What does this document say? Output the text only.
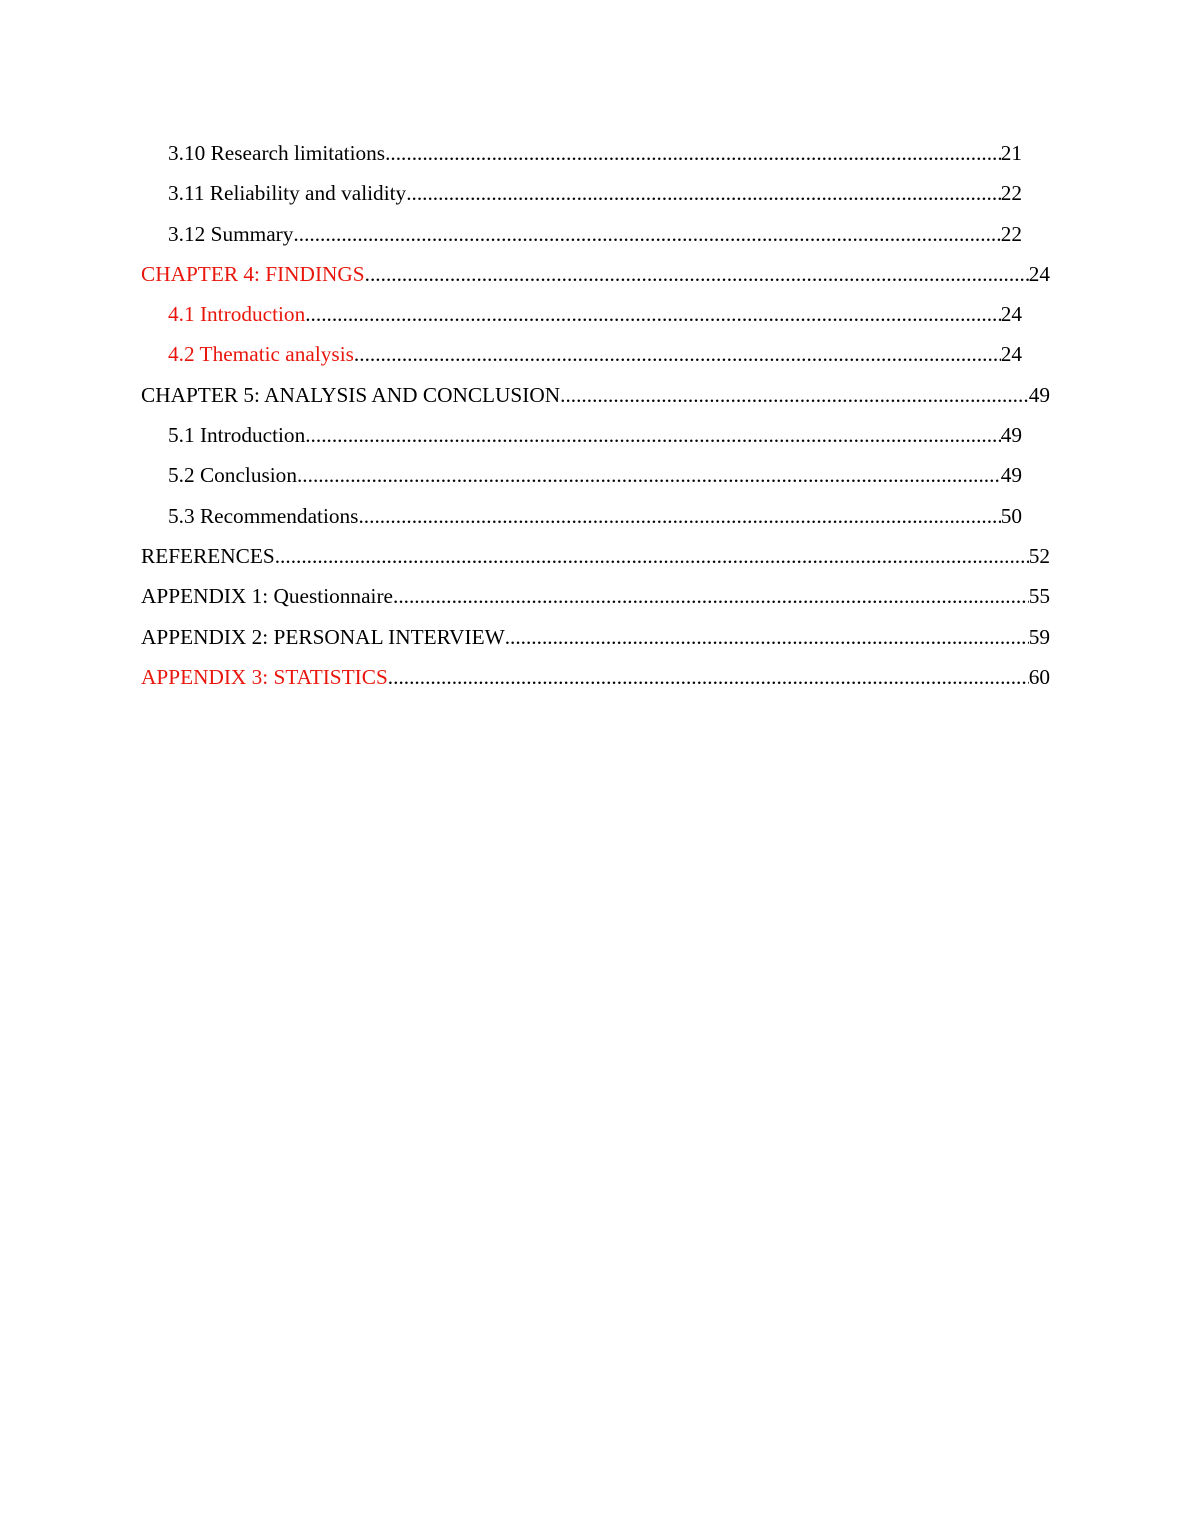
3.10 Research limitations .....	21
3.11 Reliability and validity .....	22
3.12 Summary .....	22
CHAPTER 4: FINDINGS .....	24
4.1 Introduction .....	24
4.2 Thematic analysis .....	24
CHAPTER 5: ANALYSIS AND CONCLUSION .....	49
5.1 Introduction .....	49
5.2 Conclusion .....	49
5.3 Recommendations .....	50
REFERENCES .....	52
APPENDIX 1: Questionnaire .....	55
APPENDIX 2: PERSONAL INTERVIEW .....	59
APPENDIX 3: STATISTICS .....	60
